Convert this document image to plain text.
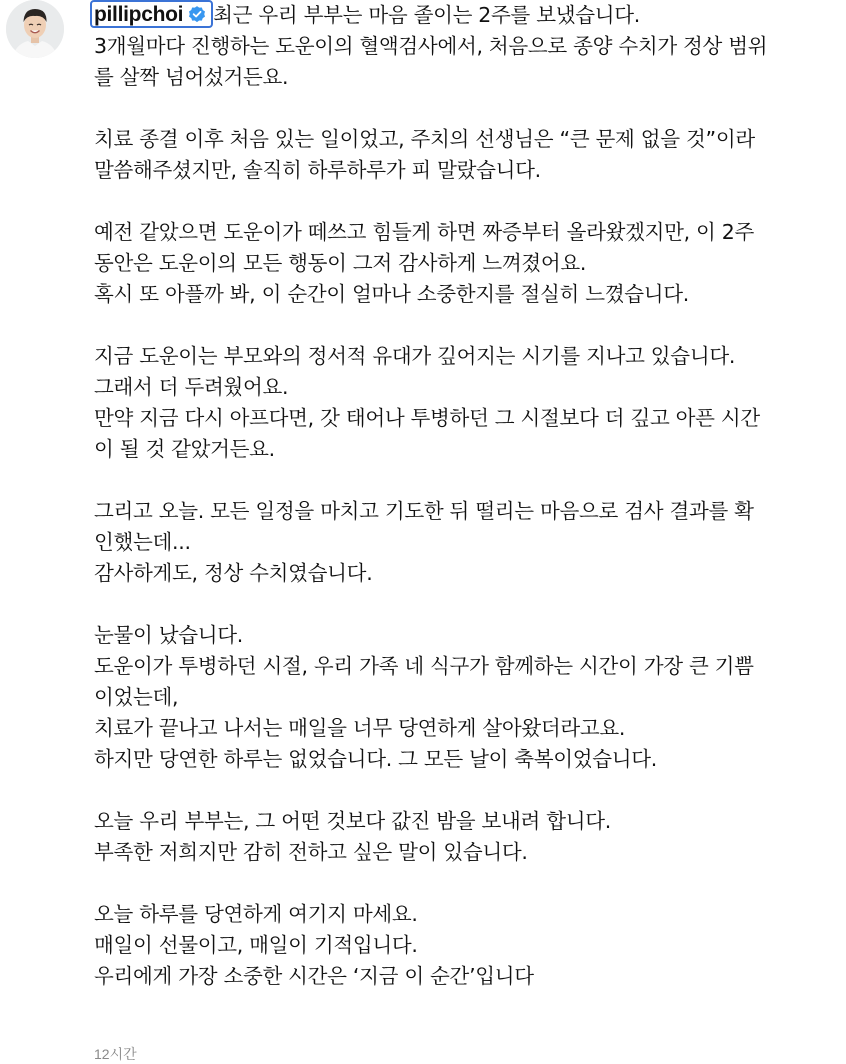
pillipchoi 최근 우리 부부는 마음 졸이는 2주를 보냈습니다.
3개월마다 진행하는 도운이의 혈액검사에서, 처음으로 종양 수치가 정상 범위
를 살짝 넘어섰거든요.
치료 종결 이후 처음 있는 일이었고, 주치의 선생님은 “큰 문제 없을 것”이라
말씀해주셨지만, 솔직히 하루하루가 피 말랐습니다.
예전 같았으면 도운이가 떼쓰고 힘들게 하면 짜증부터 올라왔겠지만, 이 2주
동안은 도운이의 모든 행동이 그저 감사하게 느껴졌어요.
혹시 또 아플까 봐, 이 순간이 얼마나 소중한지를 절실히 느꼈습니다.
지금 도운이는 부모와의 정서적 유대가 깊어지는 시기를 지나고 있습니다.
그래서 더 두려웠어요.
만약 지금 다시 아프다면, 갓 태어나 투병하던 그 시절보다 더 깊고 아픈 시간
이 될 것 같았거든요.
그리고 오늘. 모든 일정을 마치고 기도한 뒤 떨리는 마음으로 검사 결과를 확
인했는데...
감사하게도, 정상 수치였습니다.
눈물이 났습니다.
도운이가 투병하던 시절, 우리 가족 네 식구가 함께하는 시간이 가장 큰 기쁨
이었는데,
치료가 끝나고 나서는 매일을 너무 당연하게 살아왔더라고요.
하지만 당연한 하루는 없었습니다. 그 모든 날이 축복이었습니다.
오늘 우리 부부는, 그 어떤 것보다 값진 밤을 보내려 합니다.
부족한 저희지만 감히 전하고 싶은 말이 있습니다.
오늘 하루를 당연하게 여기지 마세요.
매일이 선물이고, 매일이 기적입니다.
우리에게 가장 소중한 시간은 ‘지금 이 순간’입니다
12시간
